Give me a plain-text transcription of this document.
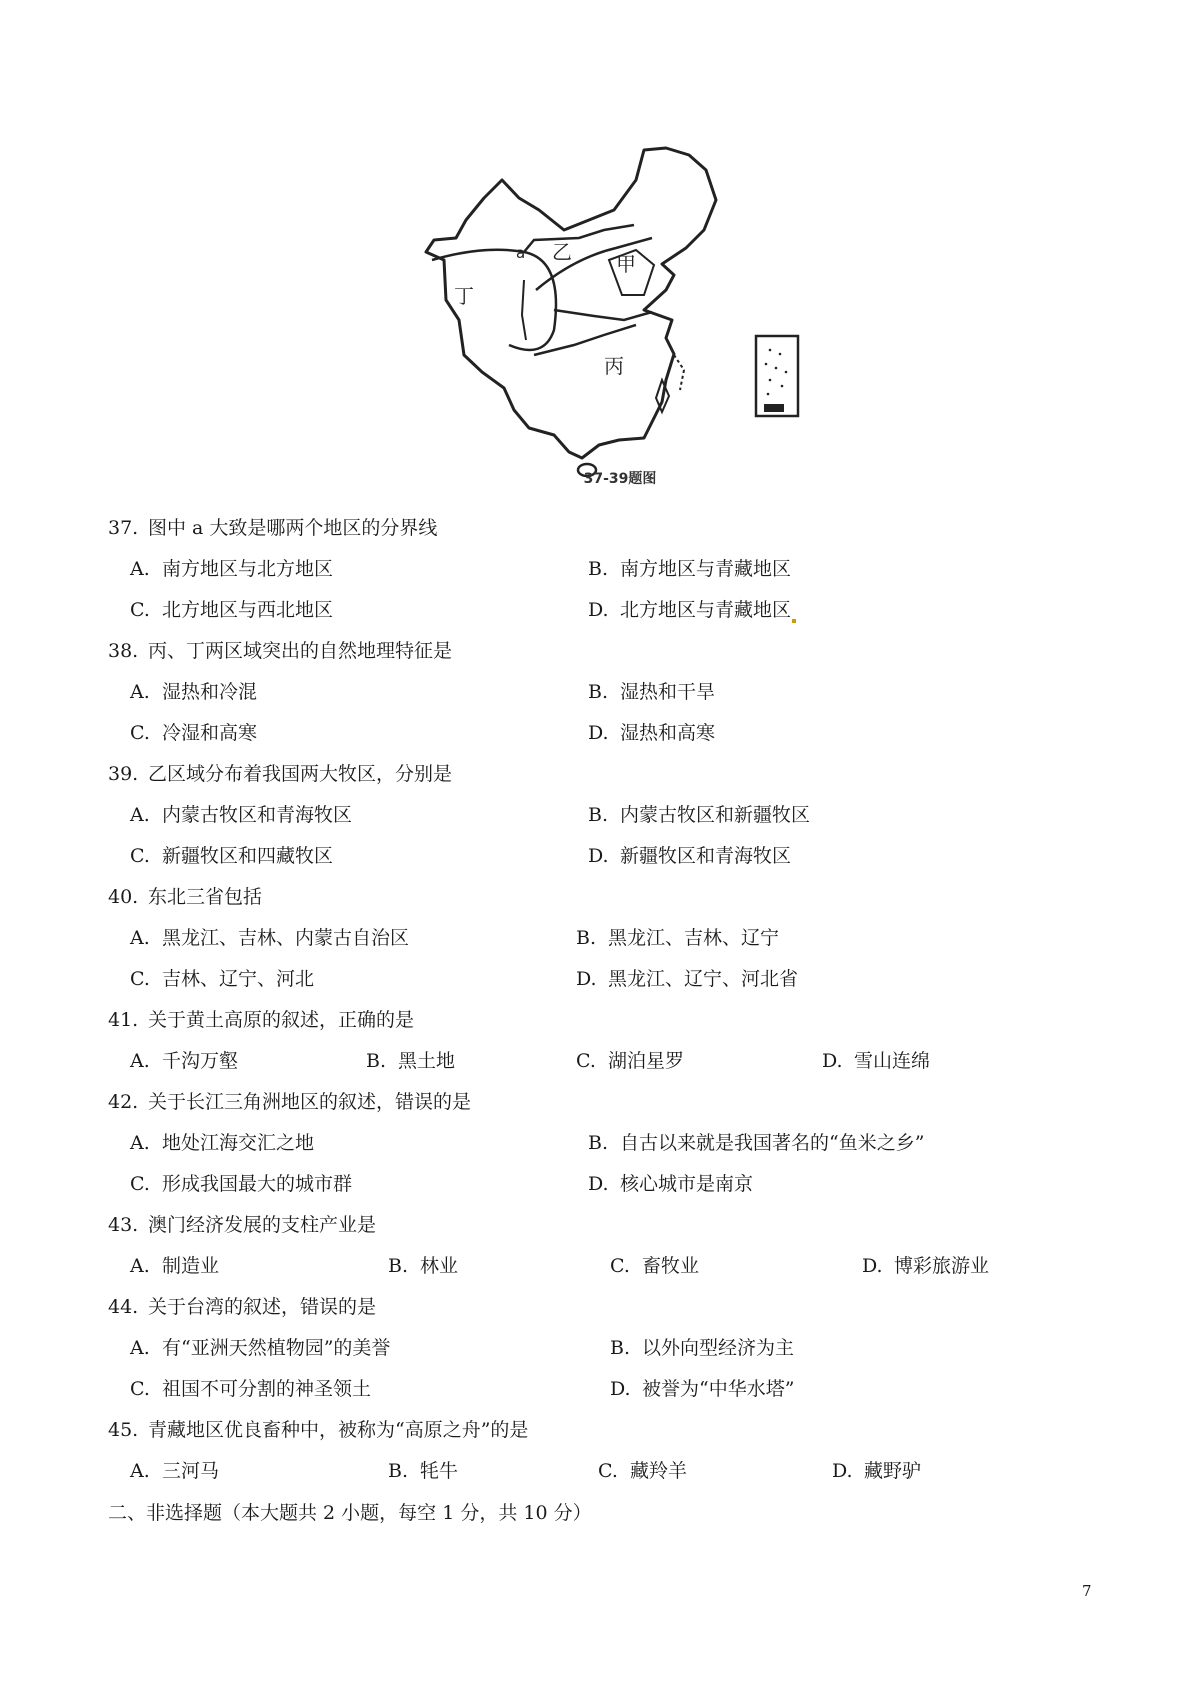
甲
乙
丙
丁
a
37-39题图
37. 图中 a 大致是哪两个地区的分界线
A. 南方地区与北方地区	B. 南方地区与青藏地区
C. 北方地区与西北地区	D. 北方地区与青藏地区
38. 丙、丁两区域突出的自然地理特征是
A. 湿热和冷混	B. 湿热和干旱
C. 冷湿和高寒	D. 湿热和高寒
39. 乙区域分布着我国两大牧区，分别是
A. 内蒙古牧区和青海牧区	B. 内蒙古牧区和新疆牧区
C. 新疆牧区和四藏牧区	D. 新疆牧区和青海牧区
40. 东北三省包括
A. 黑龙江、吉林、内蒙古自治区	B. 黑龙江、吉林、辽宁
C. 吉林、辽宁、河北	D. 黑龙江、辽宁、河北省
41. 关于黄土高原的叙述，正确的是
A. 千沟万壑	B. 黑土地	C. 湖泊星罗	D. 雪山连绵
42. 关于长江三角洲地区的叙述，错误的是
A. 地处江海交汇之地	B. 自古以来就是我国著名的“鱼米之乡”
C. 形成我国最大的城市群	D. 核心城市是南京
43. 澳门经济发展的支柱产业是
A. 制造业	B. 林业	C. 畜牧业	D. 博彩旅游业
44. 关于台湾的叙述，错误的是
A. 有“亚洲天然植物园”的美誉	B. 以外向型经济为主
C. 祖国不可分割的神圣领土	D. 被誉为“中华水塔”
45. 青藏地区优良畜种中，被称为“高原之舟”的是
A. 三河马	B. 牦牛	C. 藏羚羊	D. 藏野驴
二、非选择题（本大题共 2 小题，每空 1 分，共 10 分）
7
